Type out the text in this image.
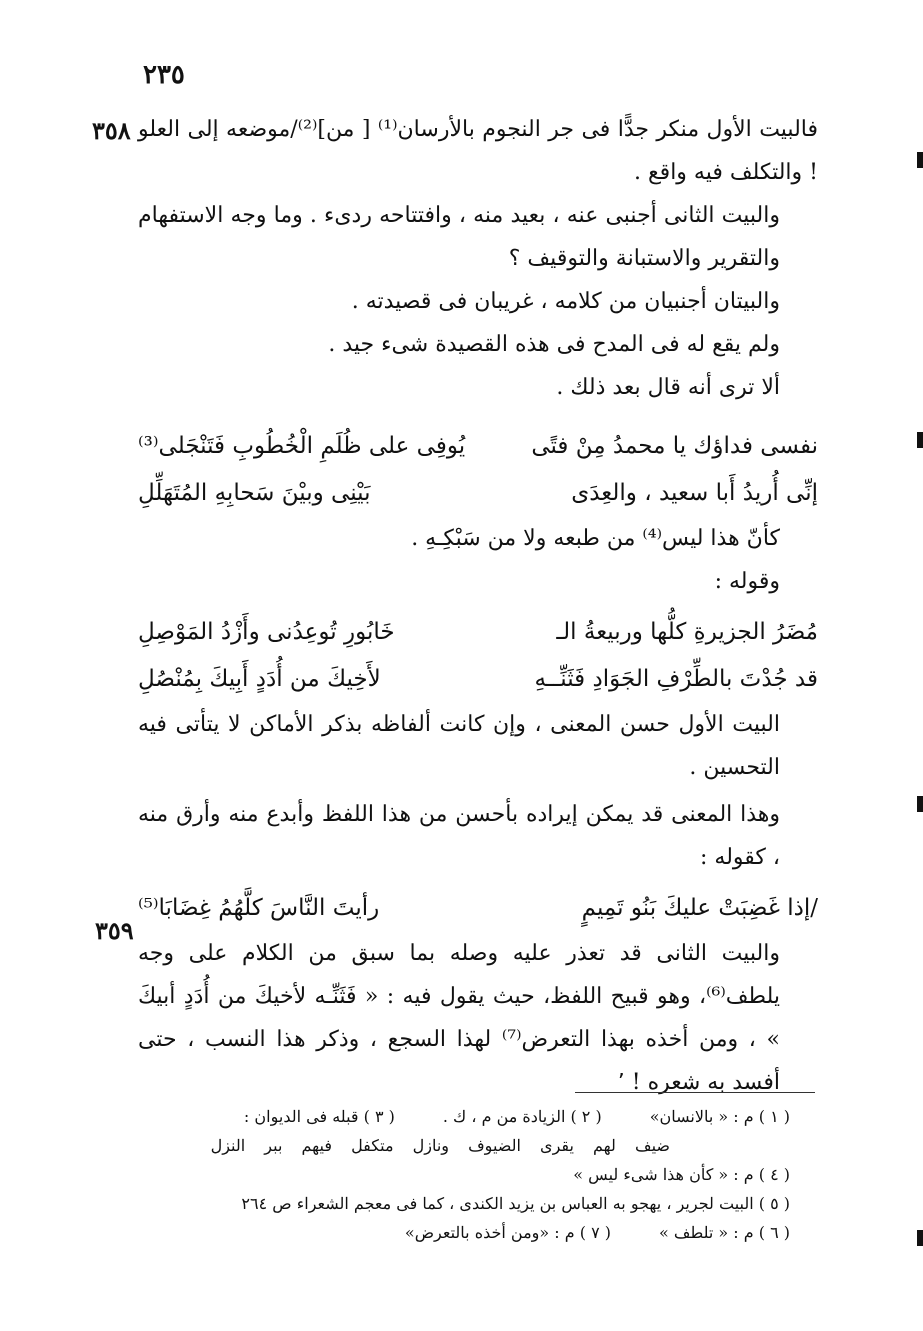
٢٣٥
٣٥٨
٣٥٩

فالبيت الأول منكر جدًّا فى جر النجوم بالأرسان⁽¹⁾ [ من]⁽²⁾/موضعه إلى العلو ! والتكلف فيه واقع .

والبيت الثانى أجنبى عنه ، بعيد منه ، وافتتاحه ردىء . وما وجه الاستفهام والتقرير والاستبانة والتوقيف ؟

والبيتان أجنبيان من كلامه ، غريبان فى قصيدته .

ولم يقع له فى المدح فى هذه القصيدة شىء جيد .

ألا ترى أنه قال بعد ذلك .

نفسى فداؤك يا محمدُ مِنْ فتًى
يُوفِى على ظُلَمِ الْخُطُوبِ فَتَنْجَلى⁽³⁾
إنِّى أُريدُ أَبا سعيد ، والعِدَى
بَيْنِى وبيْنَ سَحابِهِ المُتَهَلِّلِ

كأنّ هذا ليس⁽⁴⁾ من طبعه ولا من سَبْكِـهِ .

وقوله :

مُضَرُ الجزيرةِ كلُّها وربيعةُ الـ
خَابُورِ تُوعِدُنى وأَزْدُ المَوْصِلِ
قد جُدْتَ بالطِّرْفِ الجَوَادِ فَثَنِّــهِ
لأَخِيكَ من أُدَدٍ أَبِيكَ بِمُنْصُلِ

البيت الأول حسن المعنى ، وإن كانت ألفاظه بذكر الأماكن لا يتأتى فيه التحسين .

وهذا المعنى قد يمكن إيراده بأحسن من هذا اللفظ وأبدع منه وأرق منه ، كقوله :

/إذا غَضِبَتْ عليكَ بَنُو تَمِيمٍ
رأيتَ النَّاسَ كلَّهُمُ غِضَابَا⁽⁵⁾

والبيت الثانى قد تعذر عليه وصله بما سبق من الكلام على وجه يلطف⁽⁶⁾، وهو قبيح اللفظ، حيث يقول فيه : « فَثَنِّـه لأخيكَ من أُدَدٍ أبيكَ » ، ومن أخذه بهذا التعرض⁽⁷⁾ لهذا السجع ، وذكر هذا النسب ، حتى أفسد به شعره ! ٬

( ١ ) م : « بالانسان»
( ٢ ) الزيادة من م ، ك .
( ٣ ) قبله فى الديوان :
ضيف لهم يقرى الضيوف ونازل متكفل فيهم ببر النزل
( ٤ ) م : « كأن هذا شىء ليس »
( ٥ ) البيت لجرير ، يهجو به العباس بن يزيد الكندى ، كما فى معجم الشعراء ص ٢٦٤
( ٦ ) م : « تلطف »
( ٧ ) م : «ومن أخذه بالتعرض»
